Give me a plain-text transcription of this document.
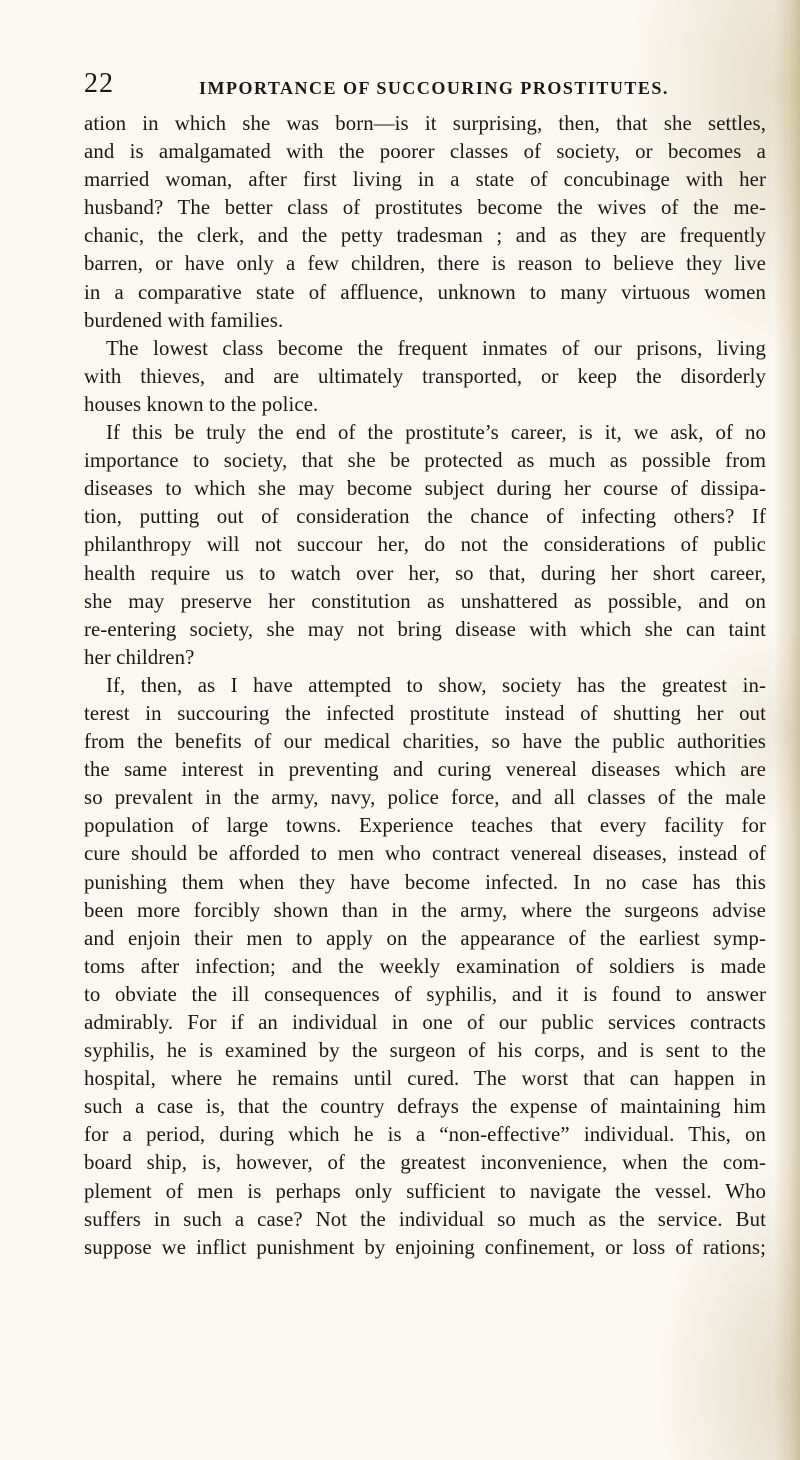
22	IMPORTANCE OF SUCCOURING PROSTITUTES.
ation in which she was born—is it surprising, then, that she settles,
and is amalgamated with the poorer classes of society, or becomes a
married woman, after first living in a state of concubinage with her
husband? The better class of prostitutes become the wives of the me-
chanic, the clerk, and the petty tradesman ; and as they are frequently
barren, or have only a few children, there is reason to believe they live
in a comparative state of affluence, unknown to many virtuous women
burdened with families.
The lowest class become the frequent inmates of our prisons, living
with thieves, and are ultimately transported, or keep the disorderly
houses known to the police.
If this be truly the end of the prostitute’s career, is it, we ask, of no
importance to society, that she be protected as much as possible from
diseases to which she may become subject during her course of dissipa-
tion, putting out of consideration the chance of infecting others? If
philanthropy will not succour her, do not the considerations of public
health require us to watch over her, so that, during her short career,
she may preserve her constitution as unshattered as possible, and on
re-entering society, she may not bring disease with which she can taint
her children?
If, then, as I have attempted to show, society has the greatest in-
terest in succouring the infected prostitute instead of shutting her out
from the benefits of our medical charities, so have the public authorities
the same interest in preventing and curing venereal diseases which are
so prevalent in the army, navy, police force, and all classes of the male
population of large towns. Experience teaches that every facility for
cure should be afforded to men who contract venereal diseases, instead of
punishing them when they have become infected. In no case has this
been more forcibly shown than in the army, where the surgeons advise
and enjoin their men to apply on the appearance of the earliest symp-
toms after infection; and the weekly examination of soldiers is made
to obviate the ill consequences of syphilis, and it is found to answer
admirably. For if an individual in one of our public services contracts
syphilis, he is examined by the surgeon of his corps, and is sent to the
hospital, where he remains until cured. The worst that can happen in
such a case is, that the country defrays the expense of maintaining him
for a period, during which he is a “non-effective” individual. This, on
board ship, is, however, of the greatest inconvenience, when the com-
plement of men is perhaps only sufficient to navigate the vessel. Who
suffers in such a case? Not the individual so much as the service. But
suppose we inflict punishment by enjoining confinement, or loss of rations;
